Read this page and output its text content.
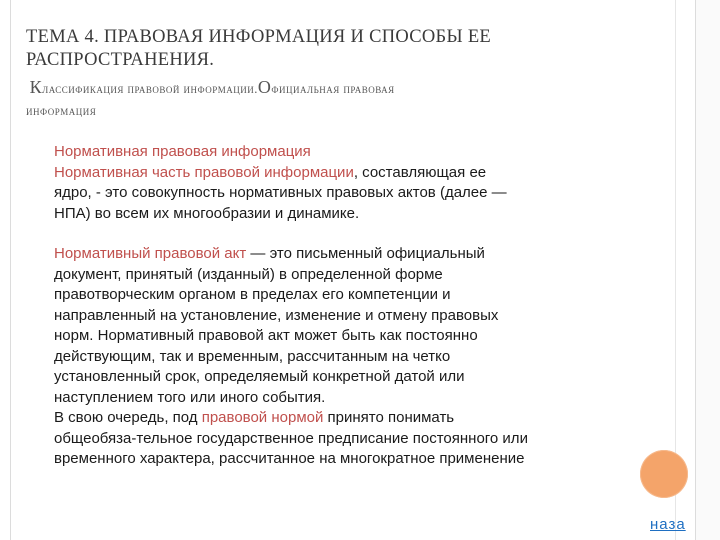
ТЕМА 4. ПРАВОВАЯ ИНФОРМАЦИЯ И СПОСОБЫ ЕЕ
РАСПРОСТРАНЕНИЯ.
Классификация правовой информации.Официальная правовая
информация

Нормативная правовая информация
Нормативная часть правовой информации, составляющая ее
ядро, - это совокупность нормативных правовых актов (далее —
НПА) во всем их многообразии и динамике.

Нормативный правовой акт — это письменный официальный
документ, принятый (изданный) в определенной форме
правотворческим органом в пределах его компетенции и
направленный на установление, изменение и отмену правовых
норм. Нормативный правовой акт может быть как постоянно
действующим, так и временным, рассчитанным на четко
установленный срок, определяемый конкретной датой или
наступлением того или иного события.

В свою очередь, под правовой нормой принято понимать
общеобяза-тельное государственное предписание постоянного или
временного характера, рассчитанное на многократное применение

наза
